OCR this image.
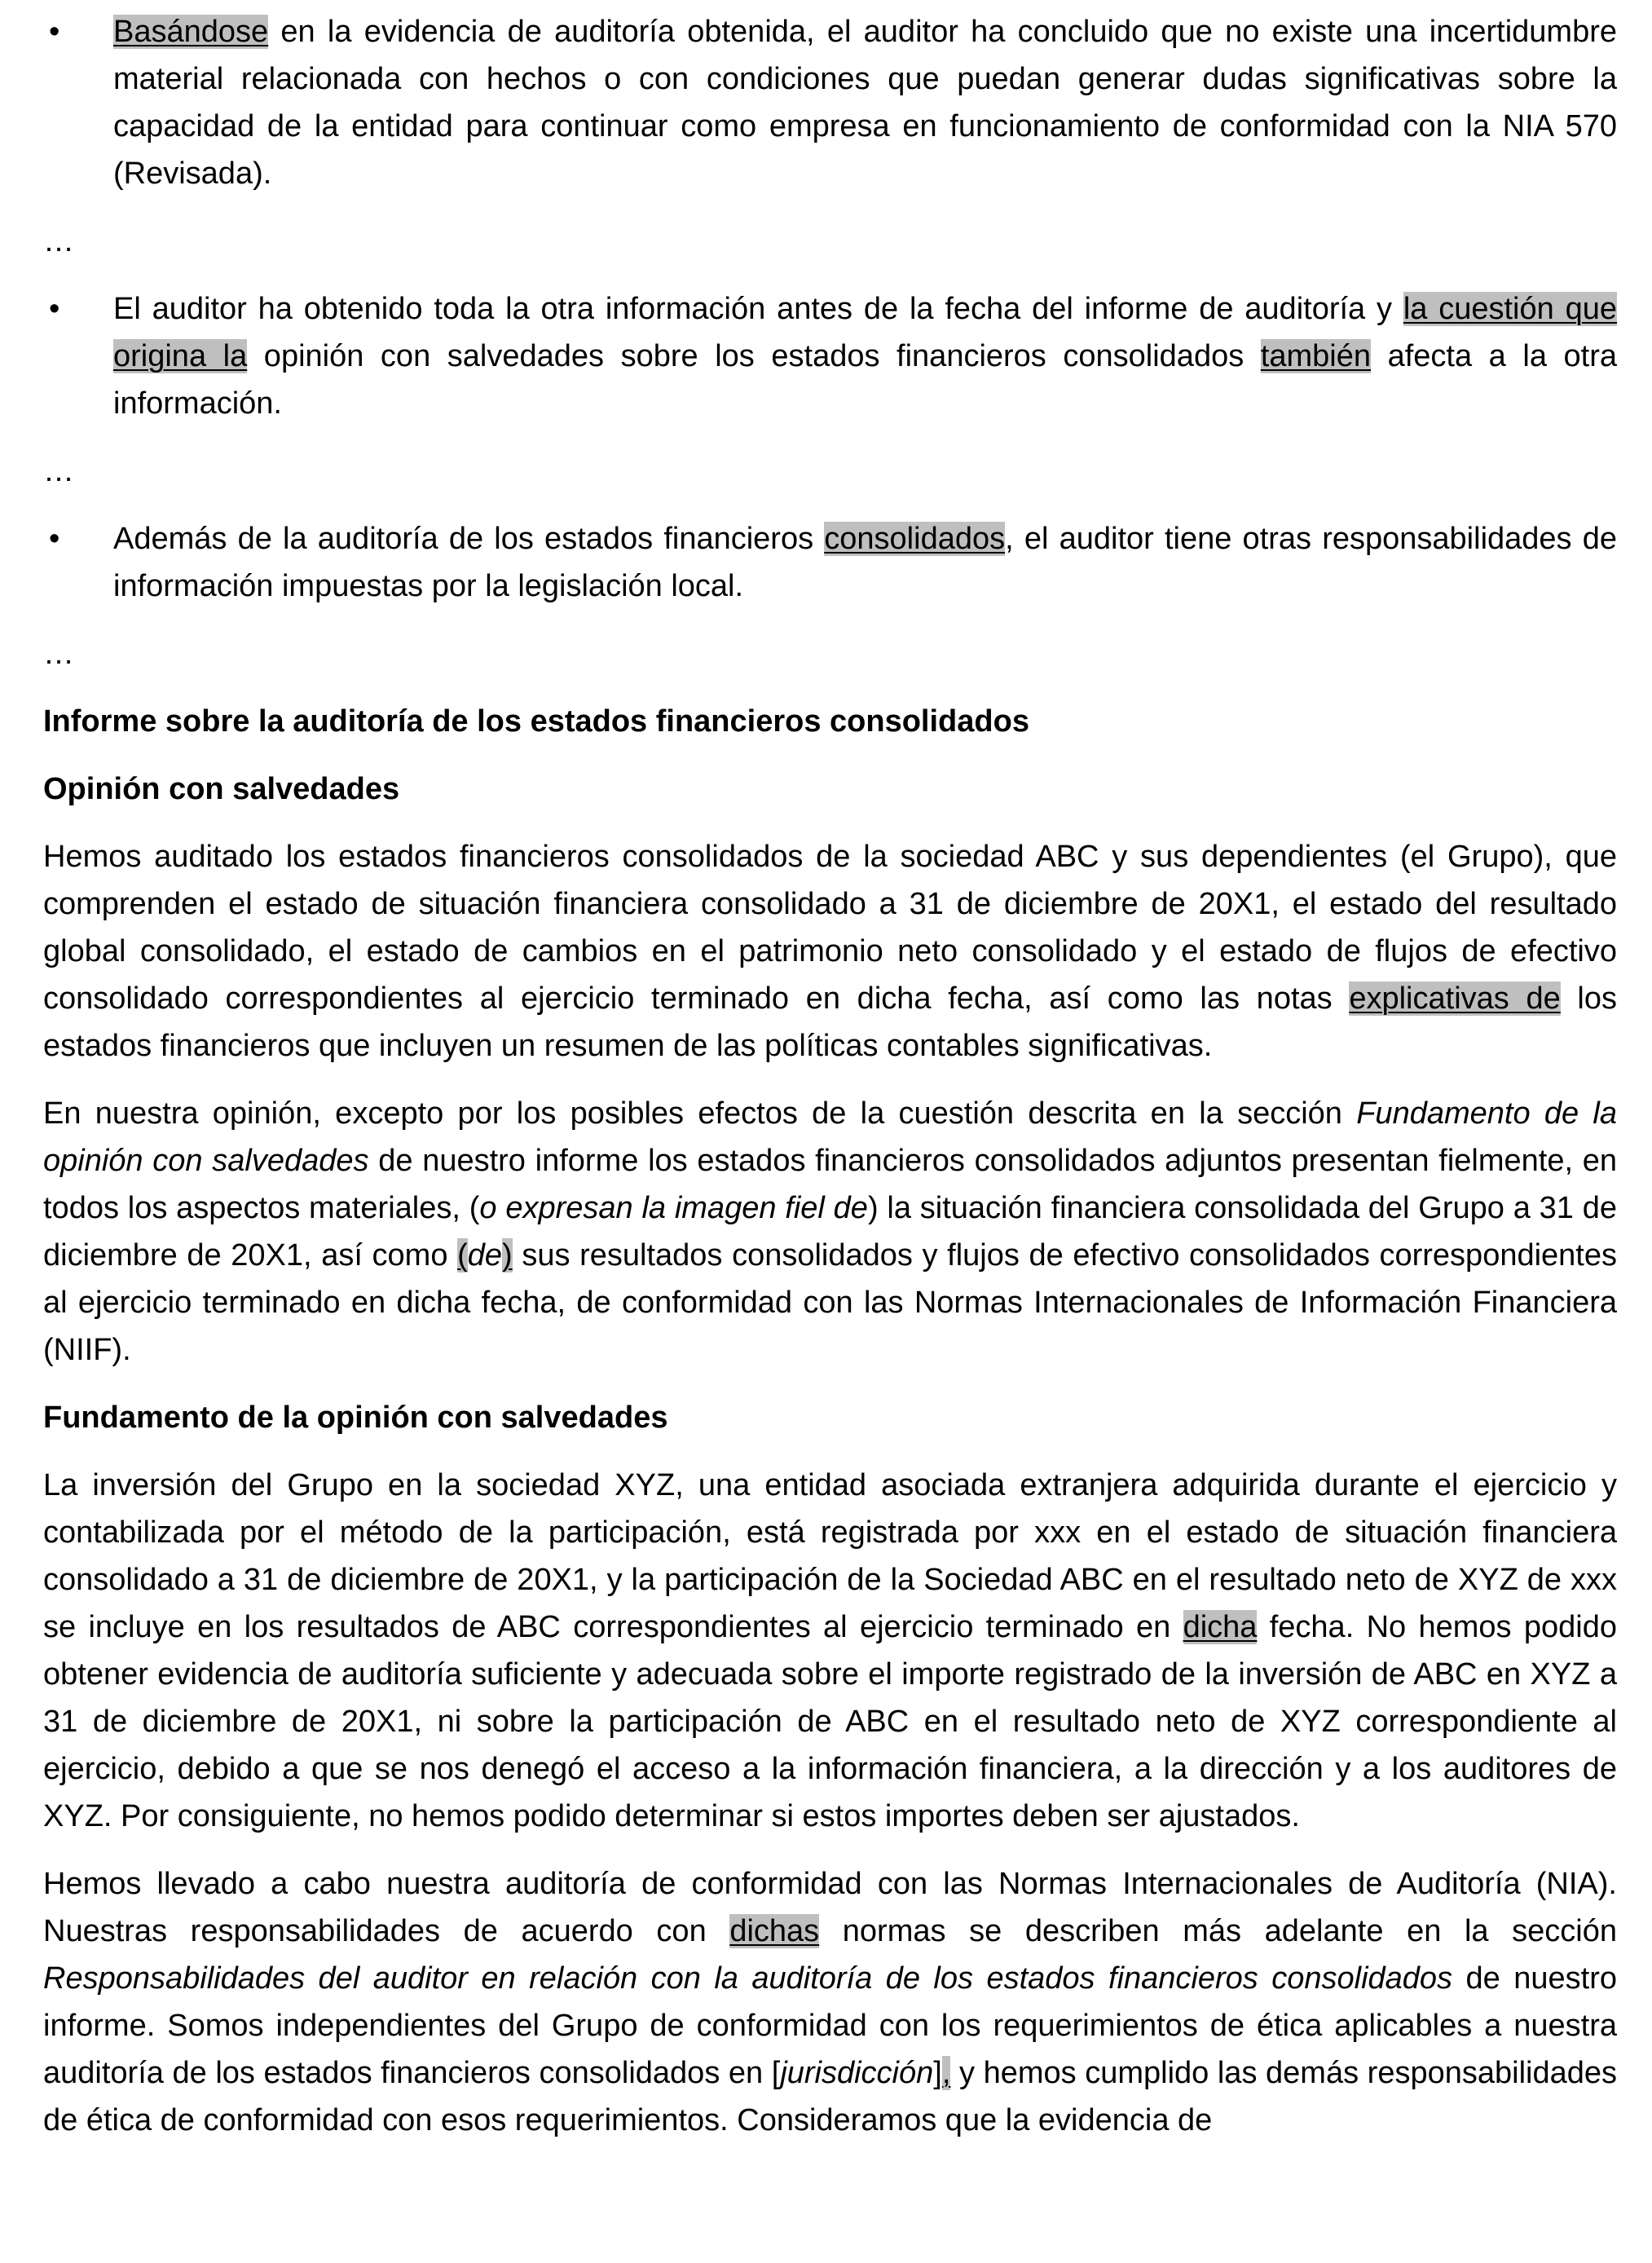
• Basándose en la evidencia de auditoría obtenida, el auditor ha concluido que no existe una incertidumbre material relacionada con hechos o con condiciones que puedan generar dudas significativas sobre la capacidad de la entidad para continuar como empresa en funcionamiento de conformidad con la NIA 570 (Revisada).

…

• El auditor ha obtenido toda la otra información antes de la fecha del informe de auditoría y la cuestión que origina la opinión con salvedades sobre los estados financieros consolidados también afecta a la otra información.

…

• Además de la auditoría de los estados financieros consolidados, el auditor tiene otras responsabilidades de información impuestas por la legislación local.

…

Informe sobre la auditoría de los estados financieros consolidados

Opinión con salvedades

Hemos auditado los estados financieros consolidados de la sociedad ABC y sus dependientes (el Grupo), que comprenden el estado de situación financiera consolidado a 31 de diciembre de 20X1, el estado del resultado global consolidado, el estado de cambios en el patrimonio neto consolidado y el estado de flujos de efectivo consolidado correspondientes al ejercicio terminado en dicha fecha, así como las notas explicativas de los estados financieros que incluyen un resumen de las políticas contables significativas.

En nuestra opinión, excepto por los posibles efectos de la cuestión descrita en la sección Fundamento de la opinión con salvedades de nuestro informe los estados financieros consolidados adjuntos presentan fielmente, en todos los aspectos materiales, (o expresan la imagen fiel de) la situación financiera consolidada del Grupo a 31 de diciembre de 20X1, así como (de) sus resultados consolidados y flujos de efectivo consolidados correspondientes al ejercicio terminado en dicha fecha, de conformidad con las Normas Internacionales de Información Financiera (NIIF).

Fundamento de la opinión con salvedades

La inversión del Grupo en la sociedad XYZ, una entidad asociada extranjera adquirida durante el ejercicio y contabilizada por el método de la participación, está registrada por xxx en el estado de situación financiera consolidado a 31 de diciembre de 20X1, y la participación de la Sociedad ABC en el resultado neto de XYZ de xxx se incluye en los resultados de ABC correspondientes al ejercicio terminado en dicha fecha. No hemos podido obtener evidencia de auditoría suficiente y adecuada sobre el importe registrado de la inversión de ABC en XYZ a 31 de diciembre de 20X1, ni sobre la participación de ABC en el resultado neto de XYZ correspondiente al ejercicio, debido a que se nos denegó el acceso a la información financiera, a la dirección y a los auditores de XYZ. Por consiguiente, no hemos podido determinar si estos importes deben ser ajustados.

Hemos llevado a cabo nuestra auditoría de conformidad con las Normas Internacionales de Auditoría (NIA). Nuestras responsabilidades de acuerdo con dichas normas se describen más adelante en la sección Responsabilidades del auditor en relación con la auditoría de los estados financieros consolidados de nuestro informe. Somos independientes del Grupo de conformidad con los requerimientos de ética aplicables a nuestra auditoría de los estados financieros consolidados en [jurisdicción], y hemos cumplido las demás responsabilidades de ética de conformidad con esos requerimientos. Consideramos que la evidencia de
